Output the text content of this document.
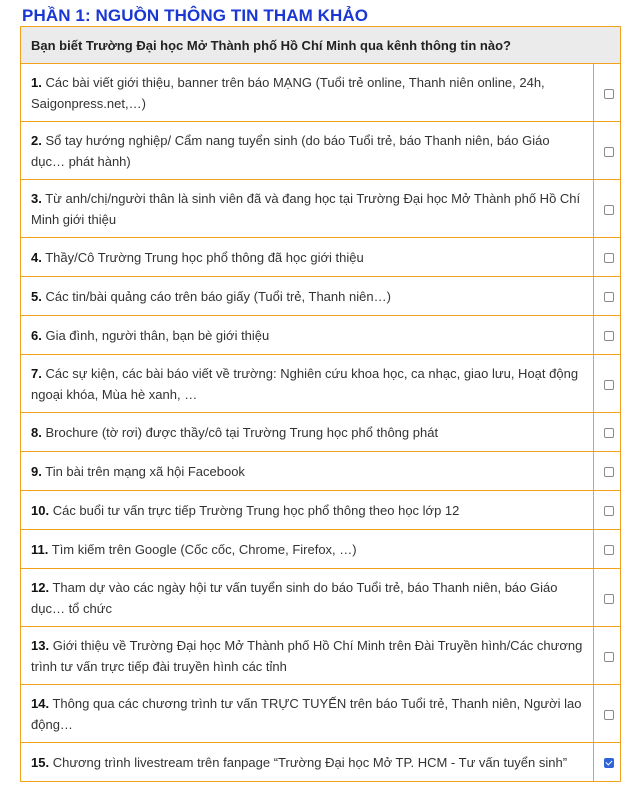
PHẦN 1: NGUỒN THÔNG TIN THAM KHẢO
Bạn biết Trường Đại học Mở Thành phố Hồ Chí Minh qua kênh thông tin nào?	
1. Các bài viết giới thiệu, banner trên báo MẠNG (Tuổi trẻ online, Thanh niên online, 24h, Saigonpress.net,…)	
2. Sổ tay hướng nghiệp/ Cẩm nang tuyển sinh (do báo Tuổi trẻ, báo Thanh niên, báo Giáo dục… phát hành)	
3. Từ anh/chị/người thân là sinh viên đã và đang học tại Trường Đại học Mở Thành phố Hồ Chí Minh giới thiệu	
4. Thầy/Cô Trường Trung học phổ thông đã học giới thiệu	
5. Các tin/bài quảng cáo trên báo giấy (Tuổi trẻ, Thanh niên…)	
6. Gia đình, người thân, bạn bè giới thiệu	
7. Các sự kiện, các bài báo viết về trường: Nghiên cứu khoa học, ca nhạc, giao lưu, Hoạt động ngoại khóa, Mùa hè xanh, …	
8. Brochure (tờ rơi) được thầy/cô tại Trường Trung học phổ thông phát	
9. Tin bài trên mạng xã hội Facebook	
10. Các buổi tư vấn trực tiếp Trường Trung học phổ thông theo học lớp 12	
11. Tìm kiếm trên Google (Cốc cốc, Chrome, Firefox, …)	
12. Tham dự vào các ngày hội tư vấn tuyển sinh do báo Tuổi trẻ, báo Thanh niên, báo Giáo dục… tổ chức	
13. Giới thiệu về Trường Đại học Mở Thành phố Hồ Chí Minh trên Đài Truyền hình/Các chương trình tư vấn trực tiếp đài truyền hình các tỉnh	
14. Thông qua các chương trình tư vấn TRỰC TUYẾN trên báo Tuổi trẻ, Thanh niên, Người lao động…	
15. Chương trình livestream trên fanpage “Trường Đại học Mở TP. HCM - Tư vấn tuyển sinh”	
